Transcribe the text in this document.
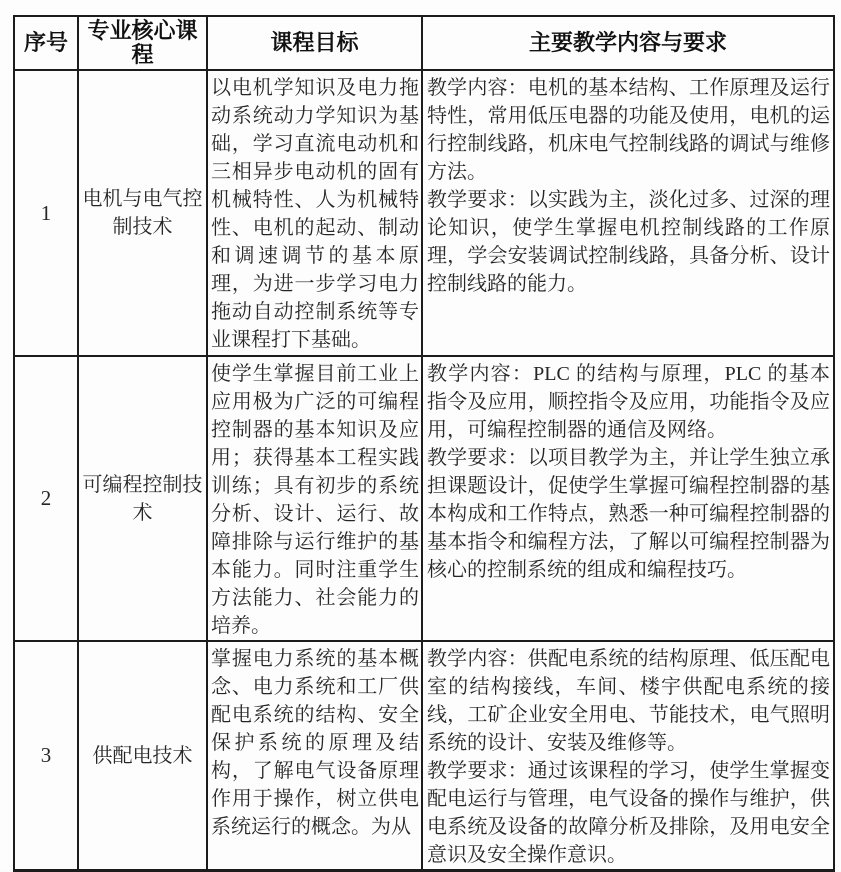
序号	专业核心课程	课程目标	主要教学内容与要求
1	电机与电气控制技术	以电机学知识及电力拖动系统动力学知识为基础，学习直流电动机和三相异步电动机的固有机械特性、人为机械特性、电机的起动、制动和调速调节的基本原理，为进一步学习电力拖动自动控制系统等专业课程打下基础。	教学内容：电机的基本结构、工作原理及运行特性，常用低压电器的功能及使用，电机的运行控制线路，机床电气控制线路的调试与维修方法。

教学要求：以实践为主，淡化过多、过深的理论知识，使学生掌握电机控制线路的工作原理，学会安装调试控制线路，具备分析、设计控制线路的能力。

2	可编程控制技术	使学生掌握目前工业上应用极为广泛的可编程控制器的基本知识及应用；获得基本工程实践训练；具有初步的系统分析、设计、运行、故障排除与运行维护的基本能力。同时注重学生方法能力、社会能力的培养。	教学内容：PLC 的结构与原理，PLC 的基本指令及应用，顺控指令及应用，功能指令及应用，可编程控制器的通信及网络。

教学要求：以项目教学为主，并让学生独立承担课题设计，促使学生掌握可编程控制器的基本构成和工作特点，熟悉一种可编程控制器的基本指令和编程方法，了解以可编程控制器为核心的控制系统的组成和编程技巧。

3	供配电技术	掌握电力系统的基本概念、电力系统和工厂供配电系统的结构、安全保护系统的原理及结构，了解电气设备原理作用于操作，树立供电系统运行的概念。为从	教学内容：供配电系统的结构原理、低压配电室的结构接线，车间、楼宇供配电系统的接线，工矿企业安全用电、节能技术，电气照明系统的设计、安装及维修等。

教学要求：通过该课程的学习，使学生掌握变配电运行与管理，电气设备的操作与维护，供电系统及设备的故障分析及排除，及用电安全意识及安全操作意识。
